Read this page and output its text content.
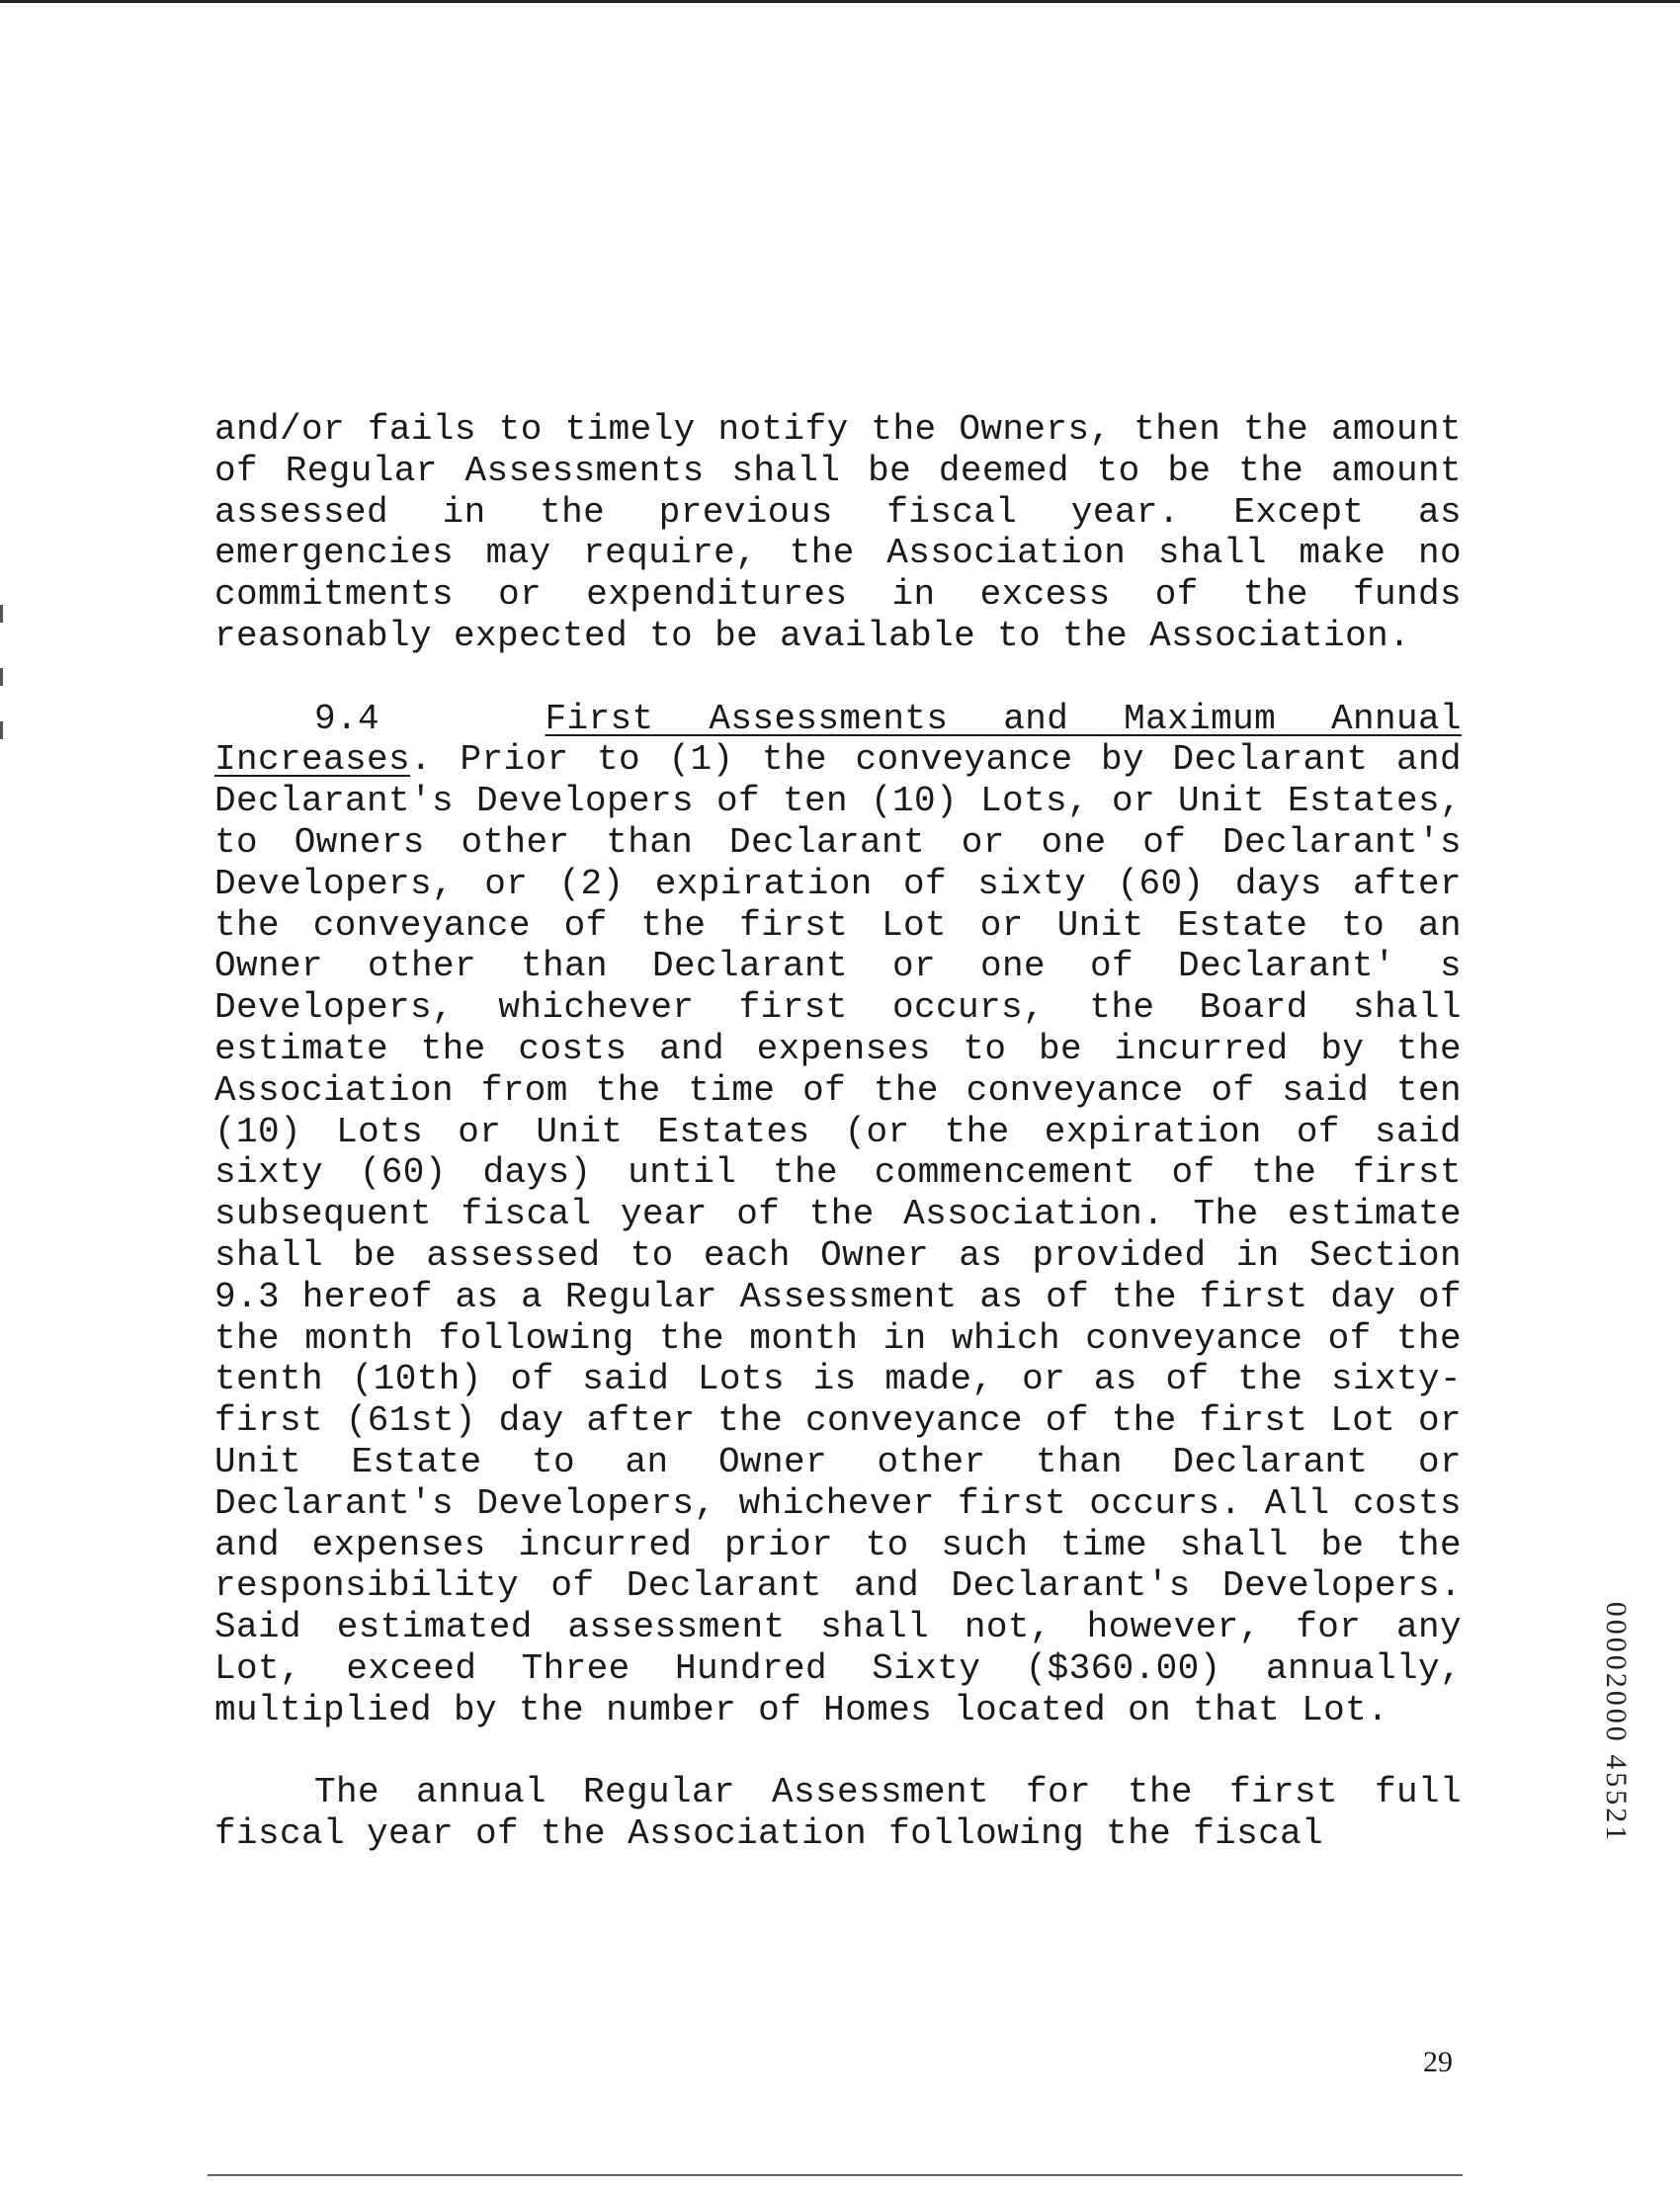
and/or fails to timely notify the Owners, then the amount of Regular Assessments shall be deemed to be the amount assessed in the previous fiscal year. Except as emergencies may require, the Association shall make no commitments or expenditures in excess of the funds reasonably expected to be available to the Association.

9.4	First Assessments and Maximum Annual Increases. Prior to (1) the conveyance by Declarant and Declarant's Developers of ten (10) Lots, or Unit Estates, to Owners other than Declarant or one of Declarant's Developers, or (2) expiration of sixty (60) days after the conveyance of the first Lot or Unit Estate to an Owner other than Declarant or one of Declarant' s Developers, whichever first occurs, the Board shall estimate the costs and expenses to be incurred by the Association from the time of the conveyance of said ten (10) Lots or Unit Estates (or the expiration of said sixty (60) days) until the commencement of the first subsequent fiscal year of the Association. The estimate shall be assessed to each Owner as provided in Section 9.3 hereof as a Regular Assessment as of the first day of the month following the month in which conveyance of the tenth (10th) of said Lots is made, or as of the sixty-first (61st) day after the conveyance of the first Lot or Unit Estate to an Owner other than Declarant or Declarant's Developers, whichever first occurs. All costs and expenses incurred prior to such time shall be the responsibility of Declarant and Declarant's Developers. Said estimated assessment shall not, however, for any Lot, exceed Three Hundred Sixty ($360.00) annually, multiplied by the number of Homes located on that Lot.

The annual Regular Assessment for the first full fiscal year of the Association following the fiscal

29
00002000 45521
